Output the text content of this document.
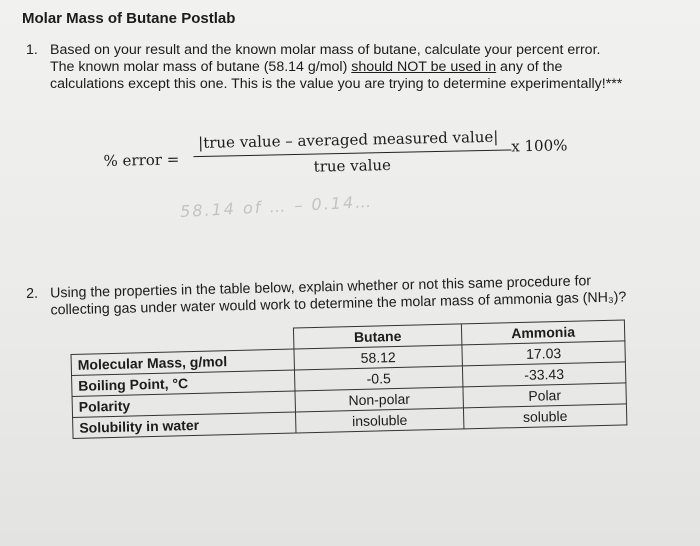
Molar Mass of Butane Postlab
1. Based on your result and the known molar mass of butane, calculate your percent error. The known molar mass of butane (58.14 g/mol) should NOT be used in any of the calculations except this one. This is the value you are trying to determine experimentally!***
% error =
|true value – averaged measured value|
true value
x 100%
58.14 of … – 0.14…
2. Using the properties in the table below, explain whether or not this same procedure for collecting gas under water would work to determine the molar mass of ammonia gas (NH₃)?
	Butane	Ammonia
Molecular Mass, g/mol	58.12	17.03
Boiling Point, °C	-0.5	-33.43
Polarity	Non-polar	Polar
Solubility in water	insoluble	soluble
